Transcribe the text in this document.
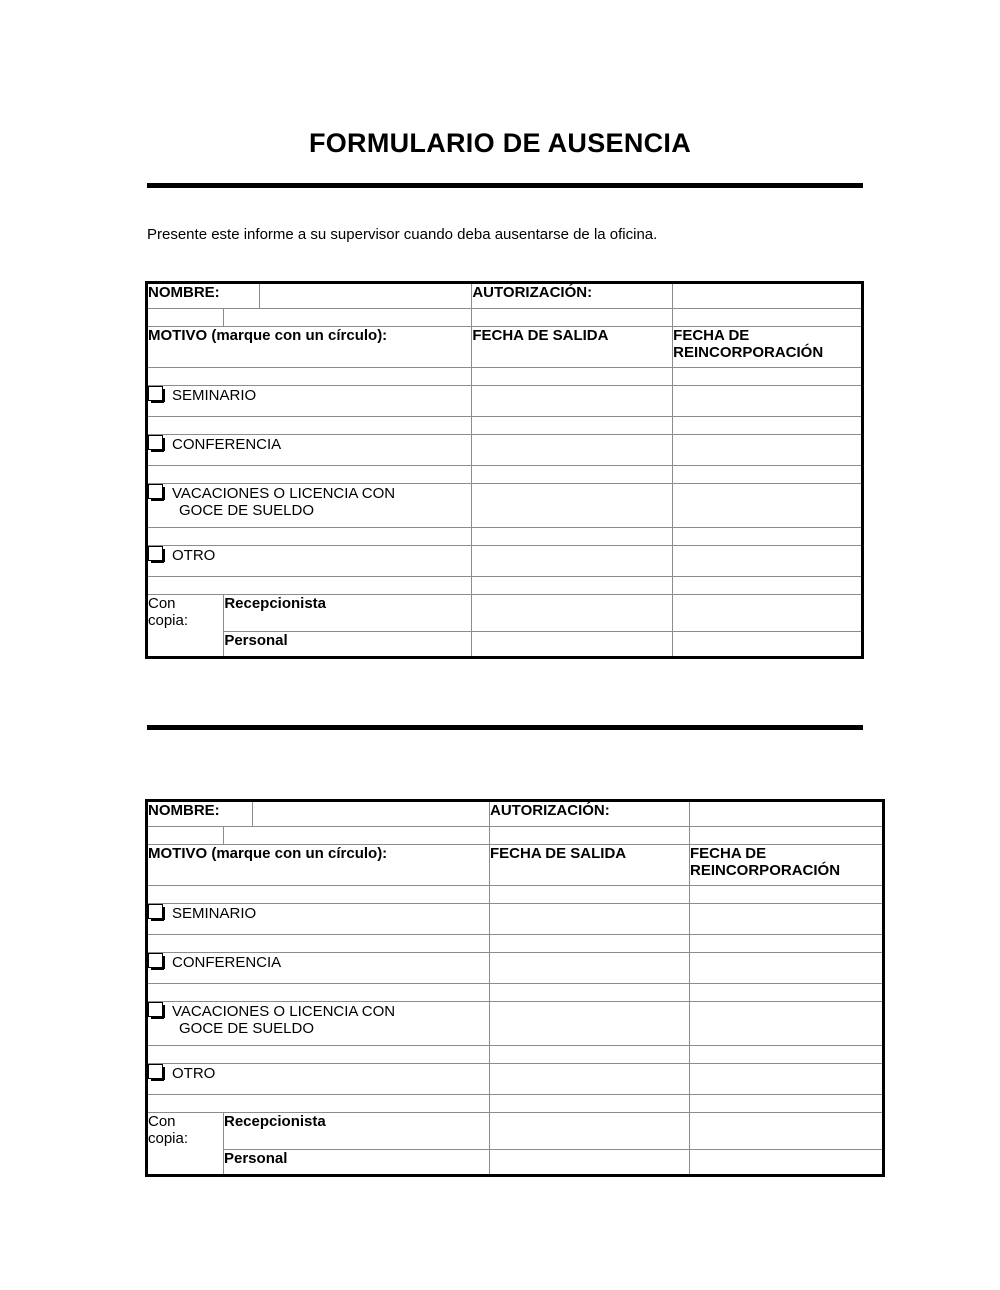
FORMULARIO DE AUSENCIA
Presente este informe a su supervisor cuando deba ausentarse de la oficina.
NOMBRE:			AUTORIZACIÓN:	

MOTIVO (marque con un círculo):			FECHA DE SALIDA	FECHA DE
REINCORPORACIÓN

SEMINARIO				

CONFERENCIA				

VACACIONES O LICENCIA CON
GOCE DE SUELDO				

OTRO				

Con
copia:	Recepcionista			
	Personal			
NOMBRE:			AUTORIZACIÓN:	

MOTIVO (marque con un círculo):			FECHA DE SALIDA	FECHA DE
REINCORPORACIÓN

SEMINARIO				

CONFERENCIA				

VACACIONES O LICENCIA CON
GOCE DE SUELDO				

OTRO				

Con
copia:	Recepcionista			
	Personal			
